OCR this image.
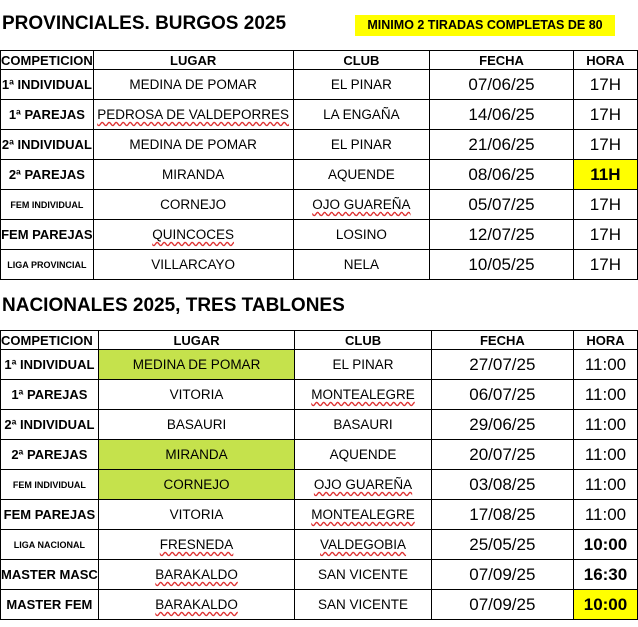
PROVINCIALES. BURGOS 2025	MINIMO 2 TIRADAS COMPLETAS DE 80
COMPETICION	LUGAR	CLUB	FECHA	HORA
1ª INDIVIDUAL	MEDINA DE POMAR	EL PINAR	07/06/25	17H
1ª PAREJAS	PEDROSA DE VALDEPORRES	LA ENGAÑA	14/06/25	17H
2ª INDIVIDUAL	MEDINA DE POMAR	EL PINAR	21/06/25	17H
2ª PAREJAS	MIRANDA	AQUENDE	08/06/25	11H
FEM INDIVIDUAL	CORNEJO	OJO GUAREÑA	05/07/25	17H
FEM PAREJAS	QUINCOCES	LOSINO	12/07/25	17H
LIGA PROVINCIAL	VILLARCAYO	NELA	10/05/25	17H
NACIONALES 2025, TRES TABLONES
COMPETICION	LUGAR	CLUB	FECHA	HORA
1ª INDIVIDUAL	MEDINA DE POMAR	EL PINAR	27/07/25	11:00
1ª PAREJAS	VITORIA	MONTEALEGRE	06/07/25	11:00
2ª INDIVIDUAL	BASAURI	BASAURI	29/06/25	11:00
2ª PAREJAS	MIRANDA	AQUENDE	20/07/25	11:00
FEM INDIVIDUAL	CORNEJO	OJO GUAREÑA	03/08/25	11:00
FEM PAREJAS	VITORIA	MONTEALEGRE	17/08/25	11:00
LIGA NACIONAL	FRESNEDA	VALDEGOBIA	25/05/25	10:00
MASTER MASC	BARAKALDO	SAN VICENTE	07/09/25	16:30
MASTER FEM	BARAKALDO	SAN VICENTE	07/09/25	10:00
